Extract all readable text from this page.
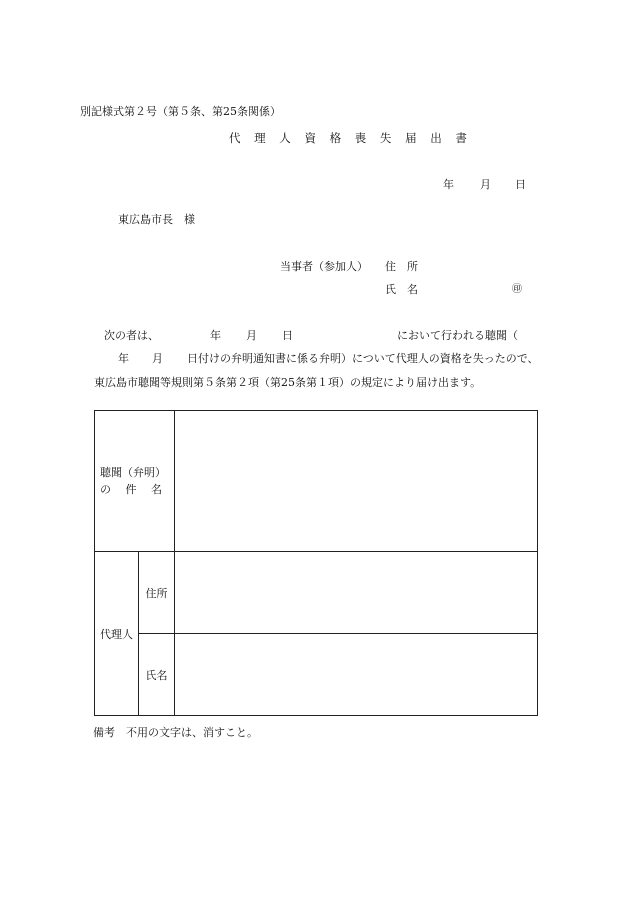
別記様式第２号（第５条、第25条関係）
代 理 人 資 格 喪 失 届 出 書
年 月 日
東広島市長　様
当事者（参加人） 住　所
氏　名	㊞
次の者は、	年 月 日	において行われる聴聞（
年 月 日付けの弁明通知書に係る弁明）について代理人の資格を失ったので、
東広島市聴聞等規則第５条第２項（第25条第１項）の規定により届け出ます。
聴聞（弁明）
の　 件　 名		

代理人	住所	
	氏名	
備考　不用の文字は、消すこと。
